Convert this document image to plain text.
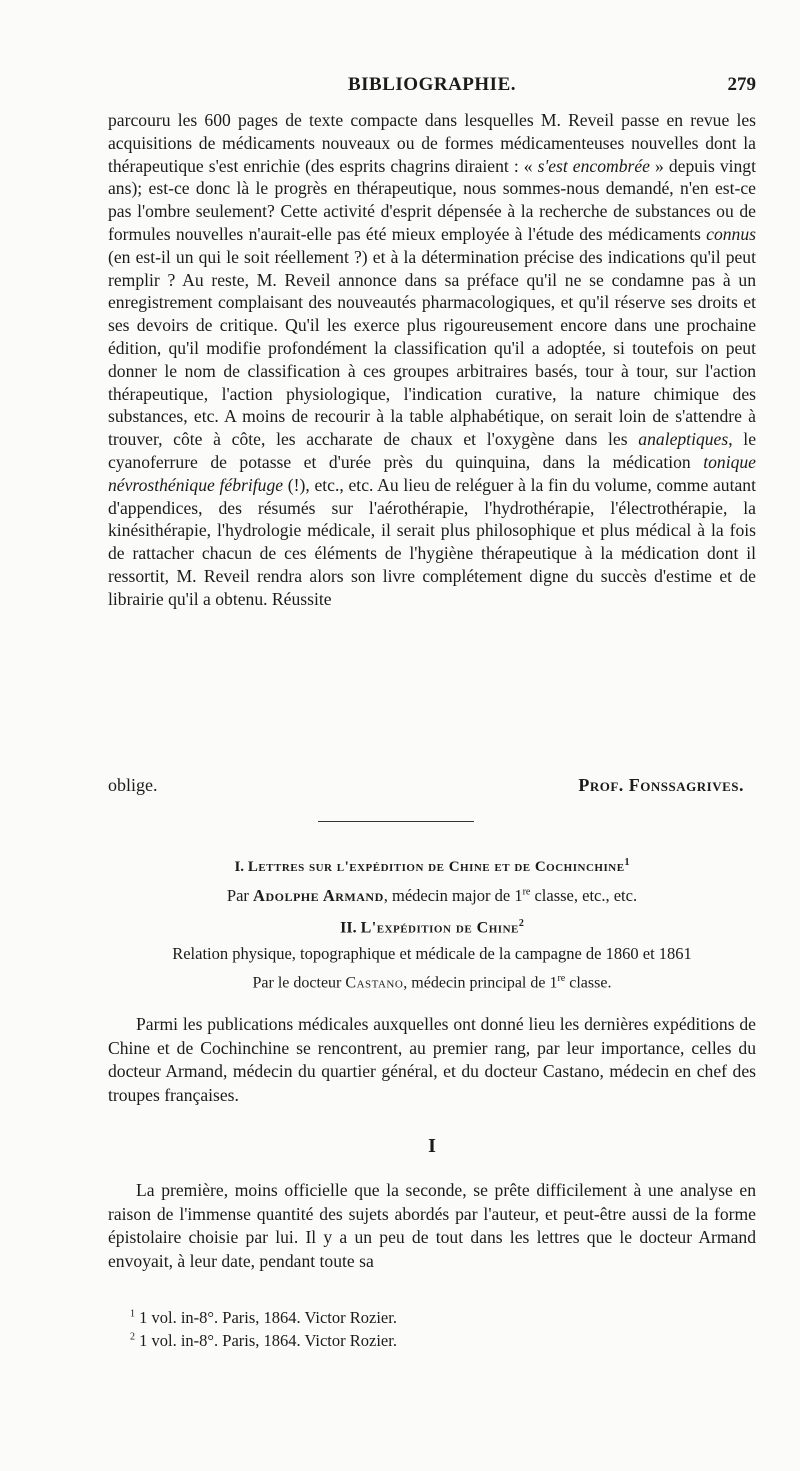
BIBLIOGRAPHIE.	279

parcouru les 600 pages de texte compacte dans lesquelles M. Reveil passe en revue les acquisitions de médicaments nouveaux ou de formes médicamenteuses nouvelles dont la thérapeutique s'est enrichie (des esprits chagrins diraient : « s'est encombrée » depuis vingt ans); est-ce donc là le progrès en thérapeutique, nous sommes-nous demandé, n'en est-ce pas l'ombre seulement? Cette activité d'esprit dépensée à la recherche de substances ou de formules nouvelles n'aurait-elle pas été mieux employée à l'étude des médicaments connus (en est-il un qui le soit réellement ?) et à la détermination précise des indications qu'il peut remplir ? Au reste, M. Reveil annonce dans sa préface qu'il ne se condamne pas à un enregistrement complaisant des nouveautés pharmacologiques, et qu'il réserve ses droits et ses devoirs de critique. Qu'il les exerce plus rigoureusement encore dans une prochaine édition, qu'il modifie profondément la classification qu'il a adoptée, si toutefois on peut donner le nom de classification à ces groupes arbitraires basés, tour à tour, sur l'action thérapeutique, l'action physiologique, l'indication curative, la nature chimique des substances, etc. A moins de recourir à la table alphabétique, on serait loin de s'attendre à trouver, côte à côte, les accharate de chaux et l'oxygène dans les analeptiques, le cyanoferrure de potasse et d'urée près du quinquina, dans la médication tonique névrosthénique fébrifuge (!), etc., etc. Au lieu de reléguer à la fin du volume, comme autant d'appendices, des résumés sur l'aérothérapie, l'hydrothérapie, l'électrothérapie, la kinésithérapie, l'hydrologie médicale, il serait plus philosophique et plus médical à la fois de rattacher chacun de ces éléments de l'hygiène thérapeutique à la médication dont il ressortit, M. Reveil rendra alors son livre complétement digne du succès d'estime et de librairie qu'il a obtenu. Réussite

oblige.	Prof. Fonssagrives.
I. Lettres sur l'expédition de Chine et de Cochinchine$^1$
Par Adolphe Armand, médecin major de 1re classe, etc., etc.
II. L'expédition de Chine$^2$
Relation physique, topographique et médicale de la campagne de 1860 et 1861
Par le docteur Castano, médecin principal de 1re classe.

Parmi les publications médicales auxquelles ont donné lieu les dernières expéditions de Chine et de Cochinchine se rencontrent, au premier rang, par leur importance, celles du docteur Armand, médecin du quartier général, et du docteur Castano, médecin en chef des troupes françaises.

I

La première, moins officielle que la seconde, se prête difficilement à une analyse en raison de l'immense quantité des sujets abordés par l'auteur, et peut-être aussi de la forme épistolaire choisie par lui. Il y a un peu de tout dans les lettres que le docteur Armand envoyait, à leur date, pendant toute sa

$^1$ 1 vol. in-8°. Paris, 1864. Victor Rozier.
$^2$ 1 vol. in-8°. Paris, 1864. Victor Rozier.
